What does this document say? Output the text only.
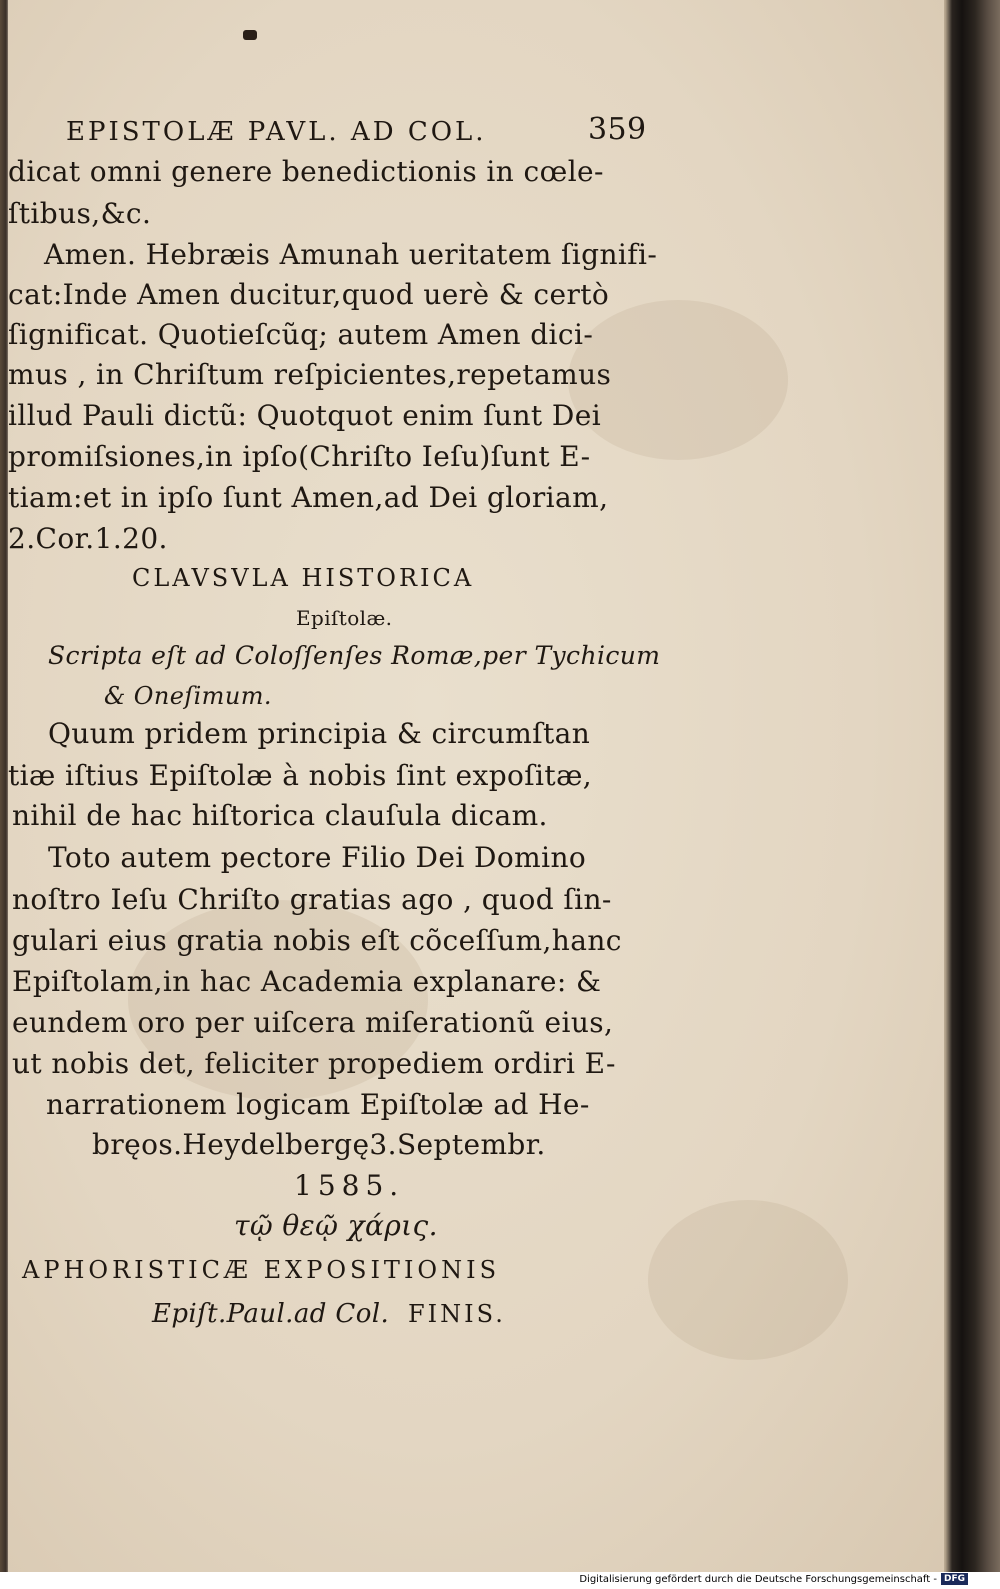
EPISTOLÆ PAVL. AD COL.	359
dicat omni genere benedictionis in cœle-
ſtibus,&c.
Amen. Hebræis Amunah ueritatem ſignifi-
cat:Inde Amen ducitur,quod uerè & certò
ſignificat. Quotieſcũq; autem Amen dici-
mus , in Chriſtum reſpicientes,repetamus
illud Pauli dictũ: Quotquot enim ſunt Dei
promiſsiones,in ipſo(Chriſto Ieſu)ſunt E-
tiam:et in ipſo ſunt Amen,ad Dei gloriam,
2.Cor.1.20.
CLAVSVLA HISTORICA
Epiſtolæ.
Scripta eſt ad Coloſſenſes Romæ,per Tychicum
& Oneſimum.
Quum pridem principia & circumſtan
tiæ iſtius Epiſtolæ à nobis ſint expoſitæ,
nihil de hac hiſtorica clauſula dicam.
Toto autem pectore Filio Dei Domino
noſtro Ieſu Chriſto gratias ago , quod ſin-
gulari eius gratia nobis eſt cõceſſum,hanc
Epiſtolam,in hac Academia explanare: &
eundem oro per uiſcera miſerationũ eius,
ut nobis det, feliciter propediem ordiri E-
narrationem logicam Epiſtolæ ad He-
bręos.Heydelbergę3.Septembr.
1585.
τῷ θεῷ χάρις.
APHORISTICÆ EXPOSITIONIS
Epiſt.Paul.ad Col. FINIS.
Digitalisierung gefördert durch die Deutsche Forschungsgemeinschaft - DFG
